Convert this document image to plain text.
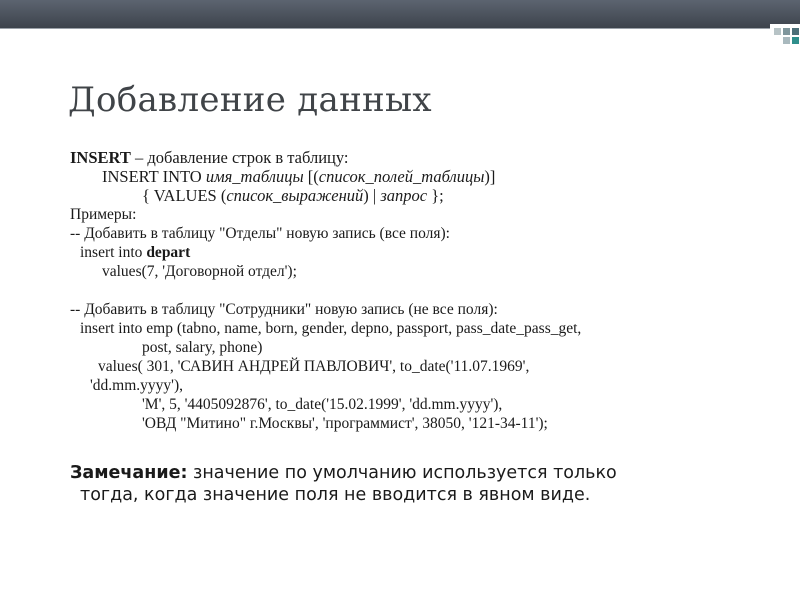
Добавление данных
INSERT – добавление строк в таблицу:
INSERT INTO имя_таблицы [(список_полей_таблицы)]
{ VALUES (список_выражений) | запрос };
Примеры:
-- Добавить в таблицу "Отделы" новую запись (все поля):
insert into depart
values(7, 'Договорной отдел');
-- Добавить в таблицу "Сотрудники" новую запись (не все поля):
insert into emp (tabno, name, born, gender, depno, passport, pass_date_pass_get,
post, salary, phone)
values( 301, 'САВИН АНДРЕЙ ПАВЛОВИЧ', to_date('11.07.1969',
'dd.mm.yyyy'),
'M', 5, '4405092876', to_date('15.02.1999', 'dd.mm.yyyy'),
'ОВД "Митино" г.Москвы', 'программист', 38050, '121-34-11');
Замечание: значение по умолчанию используется только
тогда, когда значение поля не вводится в явном виде.
